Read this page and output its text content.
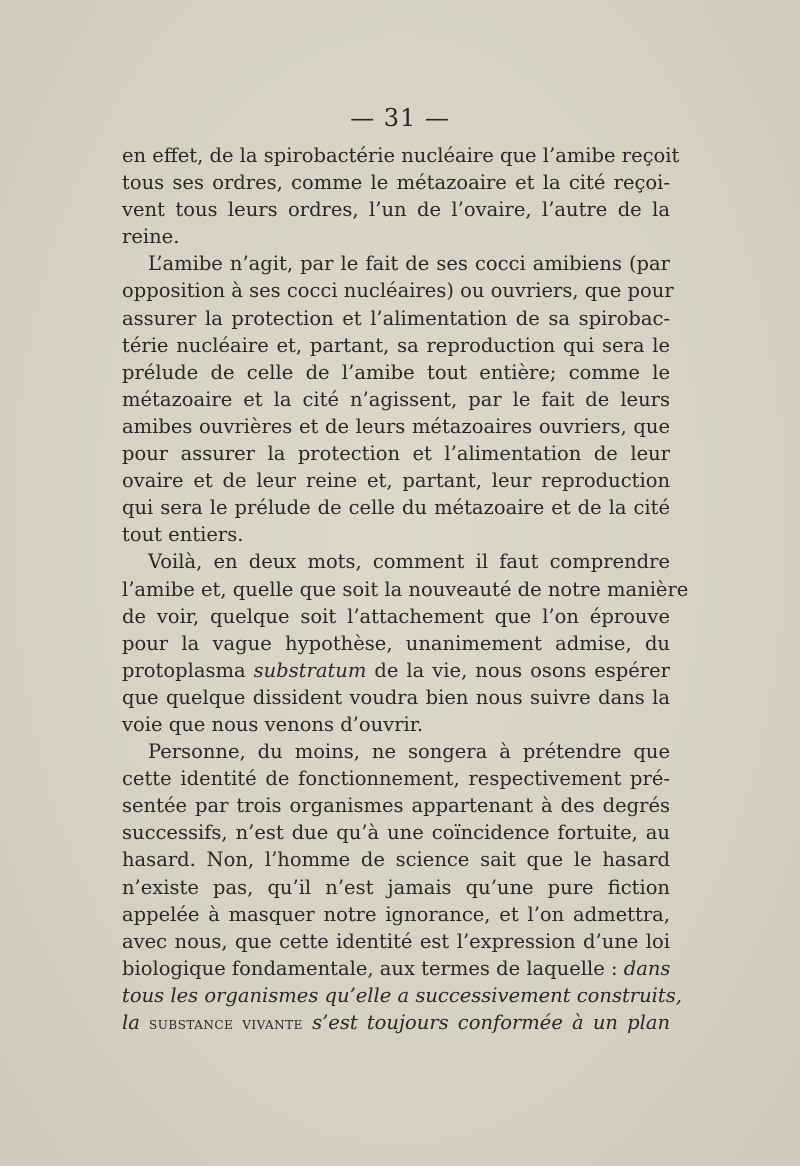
— 31 —
en effet, de la spirobactérie nucléaire que l’amibe reçoit
tous ses ordres, comme le métazoaire et la cité reçoi-
vent tous leurs ordres, l’un de l’ovaire, l’autre de la
reine.
L’amibe n’agit, par le fait de ses cocci amibiens (par
opposition à ses cocci nucléaires) ou ouvriers, que pour
assurer la protection et l’alimentation de sa spirobac-
térie nucléaire et, partant, sa reproduction qui sera le
prélude de celle de l’amibe tout entière; comme le
métazoaire et la cité n’agissent, par le fait de leurs
amibes ouvrières et de leurs métazoaires ouvriers, que
pour assurer la protection et l’alimentation de leur
ovaire et de leur reine et, partant, leur reproduction
qui sera le prélude de celle du métazoaire et de la cité
tout entiers.
Voilà, en deux mots, comment il faut comprendre
l’amibe et, quelle que soit la nouveauté de notre manière
de voir, quelque soit l’attachement que l’on éprouve
pour la vague hypothèse, unanimement admise, du
protoplasma substratum de la vie, nous osons espérer
que quelque dissident voudra bien nous suivre dans la
voie que nous venons d’ouvrir.
Personne, du moins, ne songera à prétendre que
cette identité de fonctionnement, respectivement pré-
sentée par trois organismes appartenant à des degrés
successifs, n’est due qu’à une coïncidence fortuite, au
hasard. Non, l’homme de science sait que le hasard
n’existe pas, qu’il n’est jamais qu’une pure fiction
appelée à masquer notre ignorance, et l’on admettra,
avec nous, que cette identité est l’expression d’une loi
biologique fondamentale, aux termes de laquelle : dans
tous les organismes qu’elle a successivement construits,
la substance vivante s’est toujours conformée à un plan
